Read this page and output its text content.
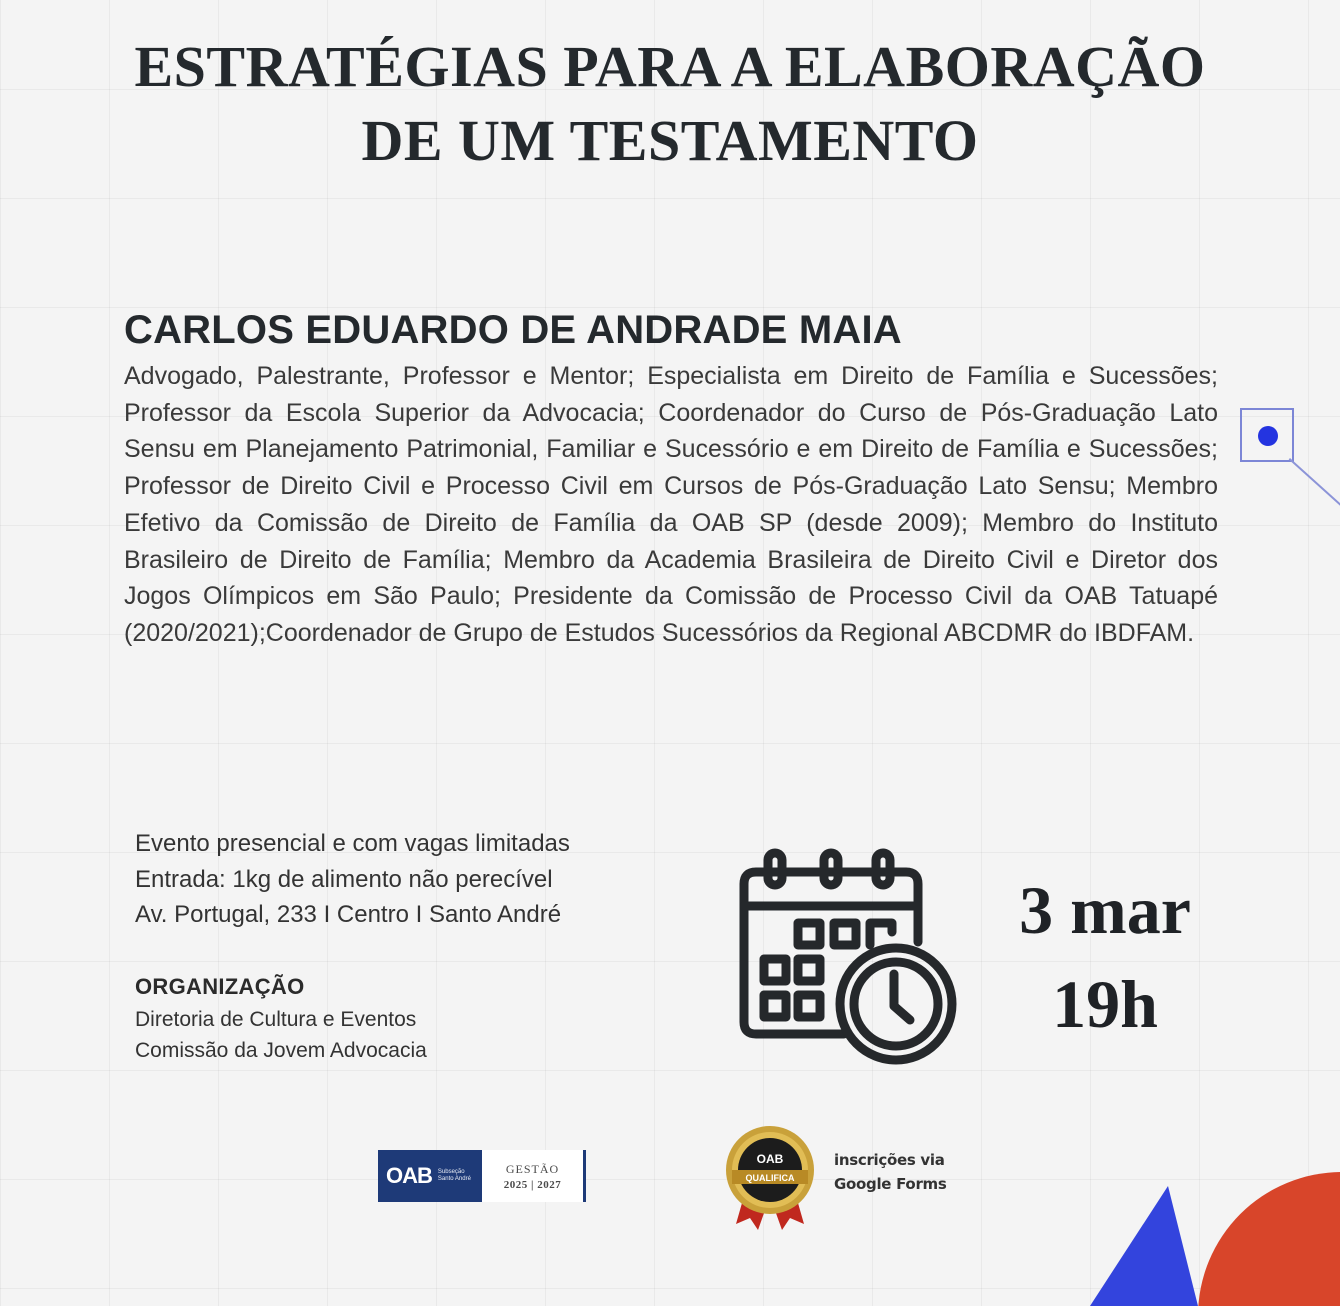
ESTRATÉGIAS PARA A ELABORAÇÃO
DE UM TESTAMENTO
CARLOS EDUARDO DE ANDRADE MAIA

Advogado, Palestrante, Professor e Mentor; Especialista em Direito de Família e Sucessões; Professor da Escola Superior da Advocacia; Coordenador do Curso de Pós-Graduação Lato Sensu em Planejamento Patrimonial, Familiar e Sucessório e em Direito de Família e Sucessões; Professor de Direito Civil e Processo Civil em Cursos de Pós-Graduação Lato Sensu; Membro Efetivo da Comissão de Direito de Família da OAB SP (desde 2009); Membro do Instituto Brasileiro de Direito de Família; Membro da Academia Brasileira de Direito Civil e Diretor dos Jogos Olímpicos em São Paulo; Presidente da Comissão de Processo Civil da OAB Tatuapé (2020/2021);Coordenador de Grupo de Estudos Sucessórios da Regional ABCDMR do IBDFAM.

Evento presencial e com vagas limitadas
Entrada: 1kg de alimento não perecível
Av. Portugal, 233 I Centro I Santo André
ORGANIZAÇÃO
Diretoria de Cultura e Eventos
Comissão da Jovem Advocacia
3 mar
19h
OAB Subseção
Santo André
GESTÃO
2025 | 2027
OAB
QUALIFICA
inscrições via
Google Forms
